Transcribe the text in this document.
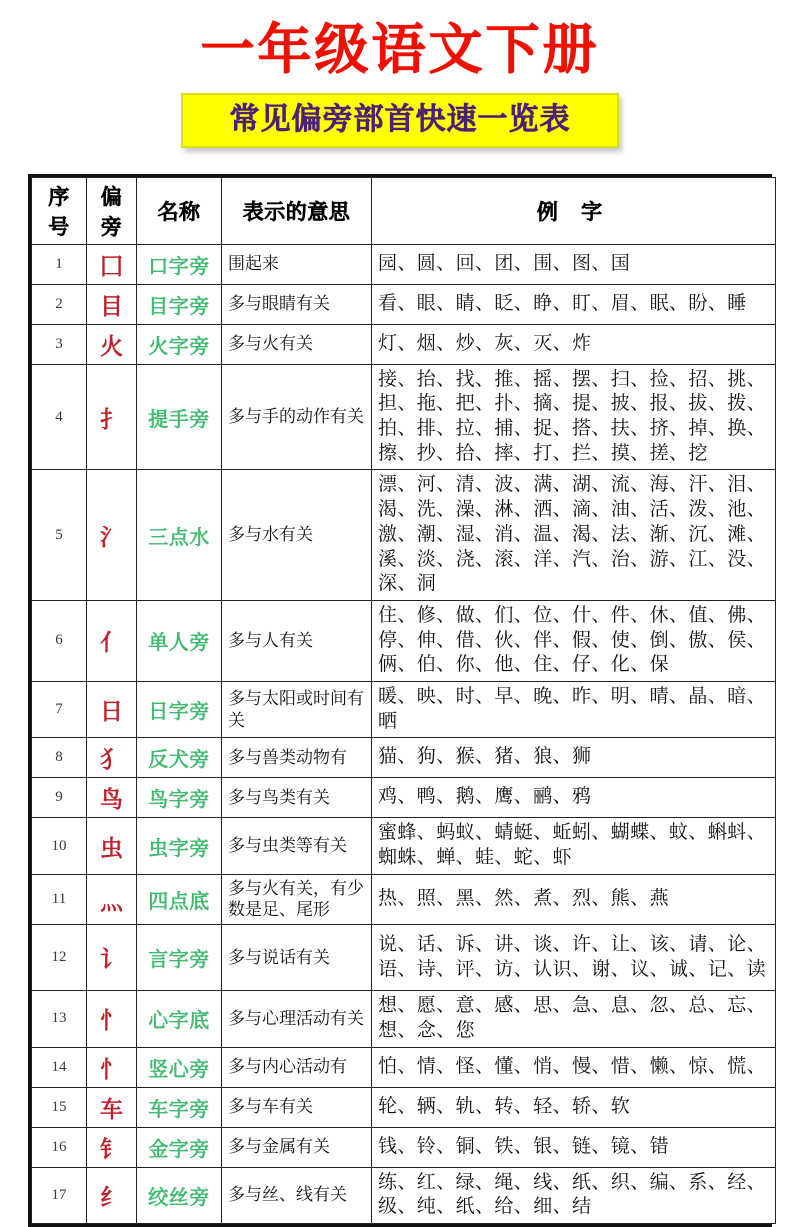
一年级语文下册
常见偏旁部首快速一览表
序号	偏旁	名称	表示的意思	例 字
1	囗	口字旁	围起来	园、圆、回、团、围、图、国
2	目	目字旁	多与眼睛有关	看、眼、睛、眨、睁、盯、眉、眠、盼、睡
3	火	火字旁	多与火有关	灯、烟、炒、灰、灭、炸
4	扌	提手旁	多与手的动作有关	接、抬、找、推、摇、摆、扫、捡、招、挑、担、拖、把、扑、摘、提、披、报、拔、拨、拍、排、拉、捕、捉、搭、扶、挤、掉、换、擦、抄、拾、摔、打、拦、摸、搓、挖
5	氵	三点水	多与水有关	漂、河、清、波、满、湖、流、海、汗、泪、渴、洗、澡、淋、洒、滴、油、活、泼、池、激、潮、湿、消、温、渴、法、渐、沉、滩、溪、淡、浇、滚、洋、汽、治、游、江、没、深、洞
6	亻	单人旁	多与人有关	住、修、做、们、位、什、件、休、值、佛、停、伸、借、伙、伴、假、使、倒、傲、侯、俩、伯、你、他、住、仔、化、保
7	日	日字旁	多与太阳或时间有关	暖、映、时、早、晚、昨、明、晴、晶、暗、晒
8	犭	反犬旁	多与兽类动物有	猫、狗、猴、猪、狼、狮
9	鸟	鸟字旁	多与鸟类有关	鸡、鸭、鹅、鹰、鹂、鸦
10	虫	虫字旁	多与虫类等有关	蜜蜂、蚂蚁、蜻蜓、蚯蚓、蝴蝶、蚊、蝌蚪、蜘蛛、蝉、蛙、蛇、虾
11	灬	四点底	多与火有关，有少数是足、尾形	热、照、黑、然、煮、烈、熊、燕
12	讠	言字旁	多与说话有关	说、话、诉、讲、谈、许、让、该、请、论、语、诗、评、访、认识、谢、议、诚、记、读
13	忄	心字底	多与心理活动有关	想、愿、意、感、思、急、息、忽、总、忘、想、念、您
14	忄	竖心旁	多与内心活动有	怕、情、怪、懂、悄、慢、惜、懒、惊、慌、
15	车	车字旁	多与车有关	轮、辆、轨、转、轻、轿、软
16	钅	金字旁	多与金属有关	钱、铃、铜、铁、银、链、镜、错
17	纟	绞丝旁	多与丝、线有关	练、红、绿、绳、线、纸、织、编、系、经、级、纯、纸、给、细、结
